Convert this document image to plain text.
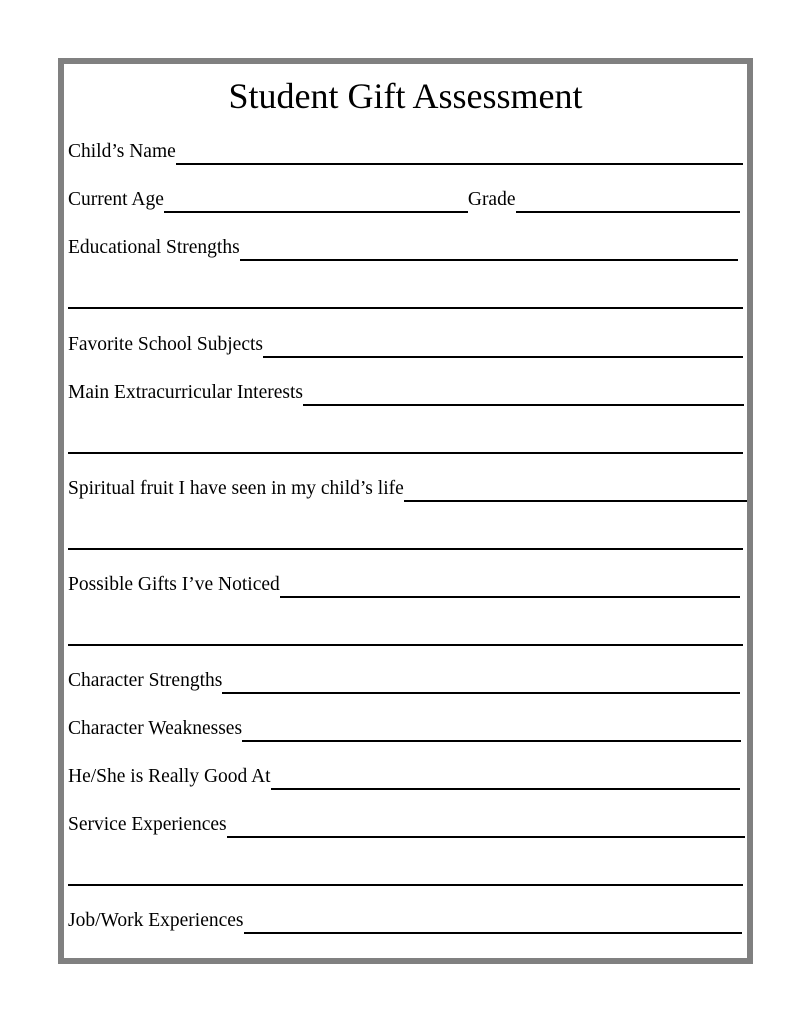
Student Gift Assessment
Child’s Name
Current Age	Grade
Educational Strengths
Favorite School Subjects
Main Extracurricular Interests
Spiritual fruit I have seen in my child’s life
Possible Gifts I’ve Noticed
Character Strengths
Character Weaknesses
He/She is Really Good At
Service Experiences
Job/Work Experiences
